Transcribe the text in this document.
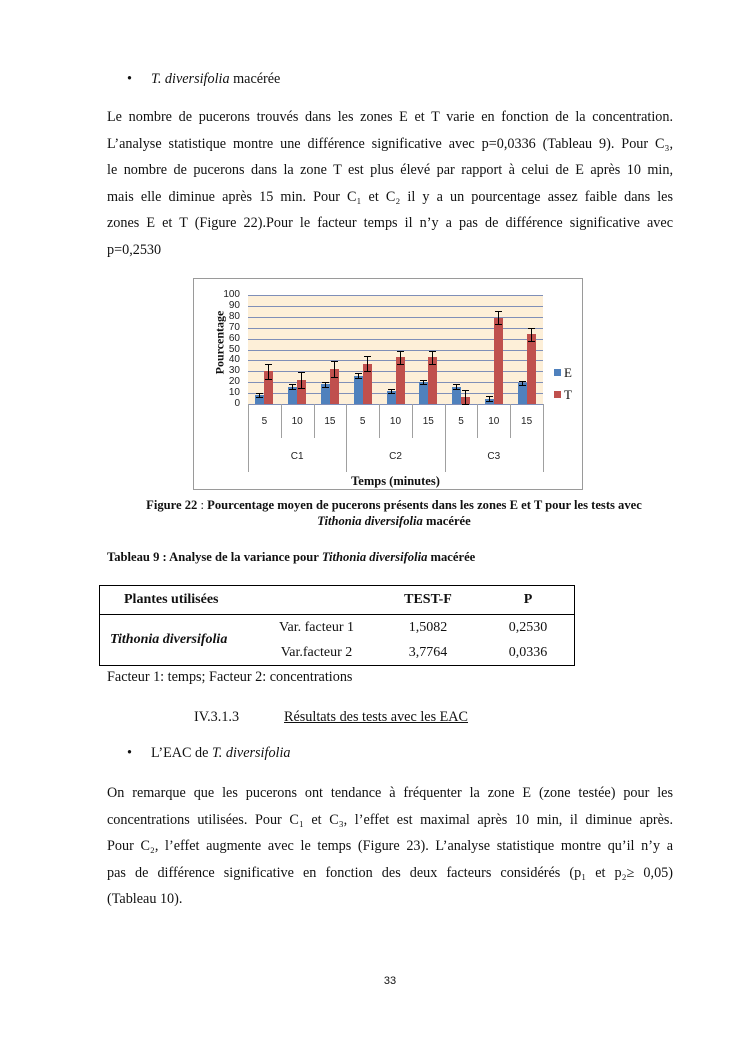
• T. diversifolia macérée
Le nombre de pucerons trouvés dans les zones E et T varie en fonction de la concentration.
L’analyse statistique montre une différence significative avec p=0,0336 (Tableau 9). Pour C₃,
le nombre de pucerons dans la zone T est plus élevé par rapport à celui de E après 10 min,
mais elle diminue après 15 min. Pour C₁ et C₂ il y a un pourcentage assez faible dans les
zones E et T (Figure 22).Pour le facteur temps il n’y a pas de différence significative avec
p=0,2530
100
90
80
70
60
50
40
30
20
10
0
Pourcentage
5	10	15	5	10	15	5	10	15
C1	C2	C3
Temps (minutes)
E
T
Figure 22 : Pourcentage moyen de pucerons présents dans les zones E et T pour les tests avec
Tithonia diversifolia macérée
Tableau 9 : Analyse de la variance pour Tithonia diversifolia macérée
Plantes utilisées		TEST-F	P
Tithonia diversifolia	Var. facteur 1	1,5082	0,2530
	Var.facteur 2	3,7764	0,0336
Facteur 1: temps; Facteur 2: concentrations
IV.3.1.3	Résultats des tests avec les EAC
• L’EAC de T. diversifolia
On remarque que les pucerons ont tendance à fréquenter la zone E (zone testée) pour les
concentrations utilisées. Pour C₁ et C₃, l’effet est maximal après 10 min, il diminue après.
Pour C₂, l’effet augmente avec le temps (Figure 23). L’analyse statistique montre qu’il n’y a
pas de différence significative en fonction des deux facteurs considérés (p₁ et p₂≥ 0,05)
(Tableau 10).
33
